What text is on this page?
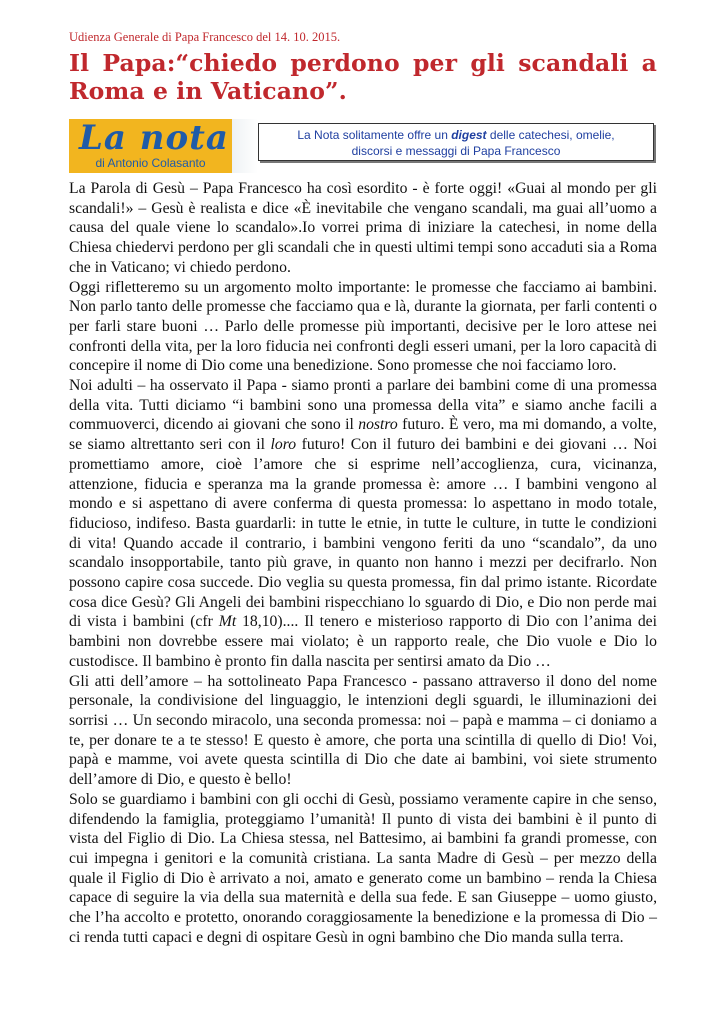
Udienza Generale di Papa Francesco del 14. 10. 2015.
Il Papa:“chiedo perdono per gli scandali a
Roma e in Vaticano”.
La nota
di Antonio Colasanto
La Nota solitamente offre un digest delle catechesi, omelie,
discorsi e messaggi di Papa Francesco

La Parola di Gesù – Papa Francesco ha così esordito - è forte oggi! «Guai al mondo per gli scandali!» – Gesù è realista e dice «È inevitabile che vengano scandali, ma guai all’uomo a causa del quale viene lo scandalo».Io vorrei prima di iniziare la catechesi, in nome della Chiesa chiedervi perdono per gli scandali che in questi ultimi tempi sono accaduti sia a Roma che in Vaticano; vi chiedo perdono.

Oggi rifletteremo su un argomento molto importante: le promesse che facciamo ai bambini. Non parlo tanto delle promesse che facciamo qua e là, durante la giornata, per farli contenti o per farli stare buoni … Parlo delle promesse più importanti, decisive per le loro attese nei confronti della vita, per la loro fiducia nei confronti degli esseri umani, per la loro capacità di concepire il nome di Dio come una benedizione. Sono promesse che noi facciamo loro.

Noi adulti – ha osservato il Papa - siamo pronti a parlare dei bambini come di una promessa della vita. Tutti diciamo “i bambini sono una promessa della vita” e siamo anche facili a commuoverci, dicendo ai giovani che sono il nostro futuro. È vero, ma mi domando, a volte, se siamo altrettanto seri con il loro futuro! Con il futuro dei bambini e dei giovani … Noi promettiamo amore, cioè l’amore che si esprime nell’accoglienza, cura, vicinanza, attenzione, fiducia e speranza ma la grande promessa è: amore … I bambini vengono al mondo e si aspettano di avere conferma di questa promessa: lo aspettano in modo totale, fiducioso, indifeso. Basta guardarli: in tutte le etnie, in tutte le culture, in tutte le condizioni di vita! Quando accade il contrario, i bambini vengono feriti da uno “scandalo”, da uno scandalo insopportabile, tanto più grave, in quanto non hanno i mezzi per decifrarlo. Non possono capire cosa succede. Dio veglia su questa promessa, fin dal primo istante. Ricordate cosa dice Gesù? Gli Angeli dei bambini rispecchiano lo sguardo di Dio, e Dio non perde mai di vista i bambini (cfr Mt 18,10).... Il tenero e misterioso rapporto di Dio con l’anima dei bambini non dovrebbe essere mai violato; è un rapporto reale, che Dio vuole e Dio lo custodisce. Il bambino è pronto fin dalla nascita per sentirsi amato da Dio …

Gli atti dell’amore – ha sottolineato Papa Francesco - passano attraverso il dono del nome personale, la condivisione del linguaggio, le intenzioni degli sguardi, le illuminazioni dei sorrisi … Un secondo miracolo, una seconda promessa: noi – papà e mamma – ci doniamo a te, per donare te a te stesso! E questo è amore, che porta una scintilla di quello di Dio! Voi, papà e mamme, voi avete questa scintilla di Dio che date ai bambini, voi siete strumento dell’amore di Dio, e questo è bello!

Solo se guardiamo i bambini con gli occhi di Gesù, possiamo veramente capire in che senso, difendendo la famiglia, proteggiamo l’umanità! Il punto di vista dei bambini è il punto di vista del Figlio di Dio. La Chiesa stessa, nel Battesimo, ai bambini fa grandi promesse, con cui impegna i genitori e la comunità cristiana. La santa Madre di Gesù – per mezzo della quale il Figlio di Dio è arrivato a noi, amato e generato come un bambino – renda la Chiesa capace di seguire la via della sua maternità e della sua fede. E san Giuseppe – uomo giusto, che l’ha accolto e protetto, onorando coraggiosamente la benedizione e la promessa di Dio – ci renda tutti capaci e degni di ospitare Gesù in ogni bambino che Dio manda sulla terra.
